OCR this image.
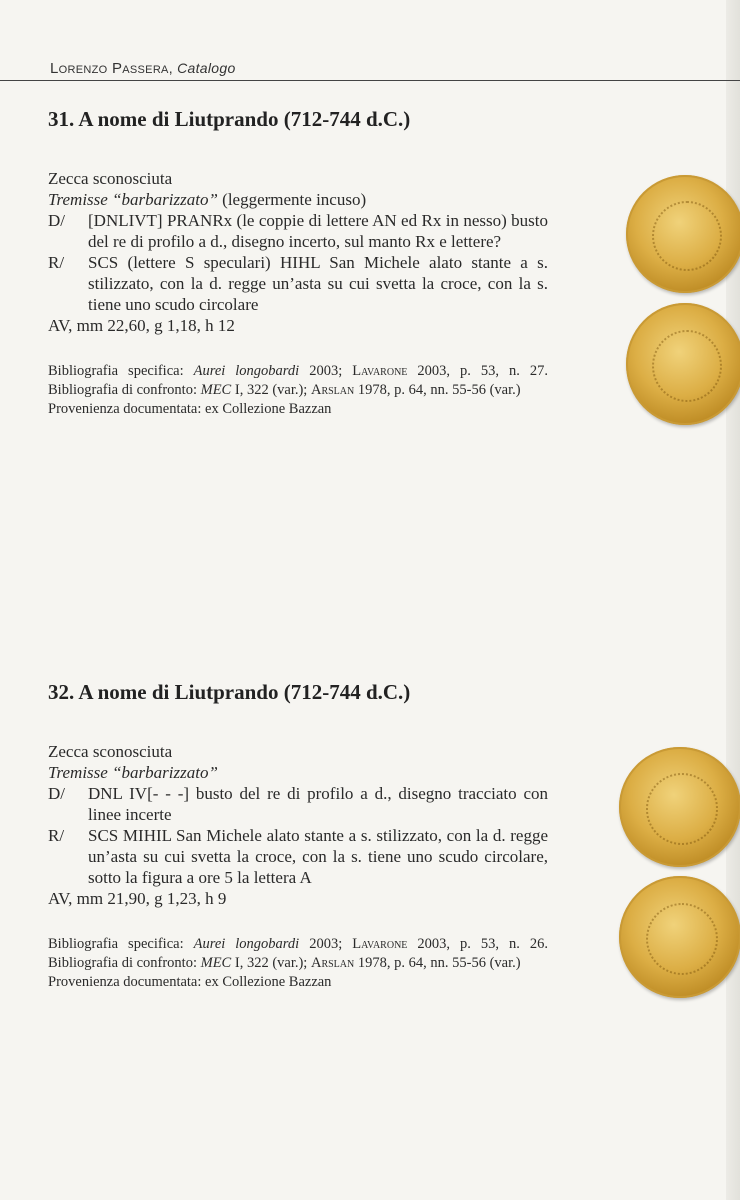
Lorenzo Passera, Catalogo
31. A nome di Liutprando (712-744 d.C.)
Zecca sconosciuta
Tremisse “barbarizzato” (leggermente incuso)
D/	[DNLIVT] PRANRx (le coppie di lettere AN ed Rx in nesso) busto del re di profilo a d., disegno incerto, sul manto Rx e lettere?
R/	SCS (lettere S speculari) HIHL San Michele alato stante a s. stilizzato, con la d. regge un’asta su cui svetta la croce, con la s. tiene uno scudo circolare
AV, mm 22,60, g 1,18, h 12
Bibliografia specifica: Aurei longobardi 2003; Lavarone 2003, p. 53, n. 27. Bibliografia di confronto: MEC I, 322 (var.); Arslan 1978, p. 64, nn. 55-56 (var.)
Provenienza documentata: ex Collezione Bazzan
32. A nome di Liutprando (712-744 d.C.)
Zecca sconosciuta
Tremisse “barbarizzato”
D/	DNL IV[- - -] busto del re di profilo a d., disegno tracciato con linee incerte
R/	SCS MIHIL San Michele alato stante a s. stilizzato, con la d. regge un’asta su cui svetta la croce, con la s. tiene uno scudo circolare, sotto la figura a ore 5 la lettera A
AV, mm 21,90, g 1,23, h 9
Bibliografia specifica: Aurei longobardi 2003; Lavarone 2003, p. 53, n. 26. Bibliografia di confronto: MEC I, 322 (var.); Arslan 1978, p. 64, nn. 55-56 (var.)
Provenienza documentata: ex Collezione Bazzan
